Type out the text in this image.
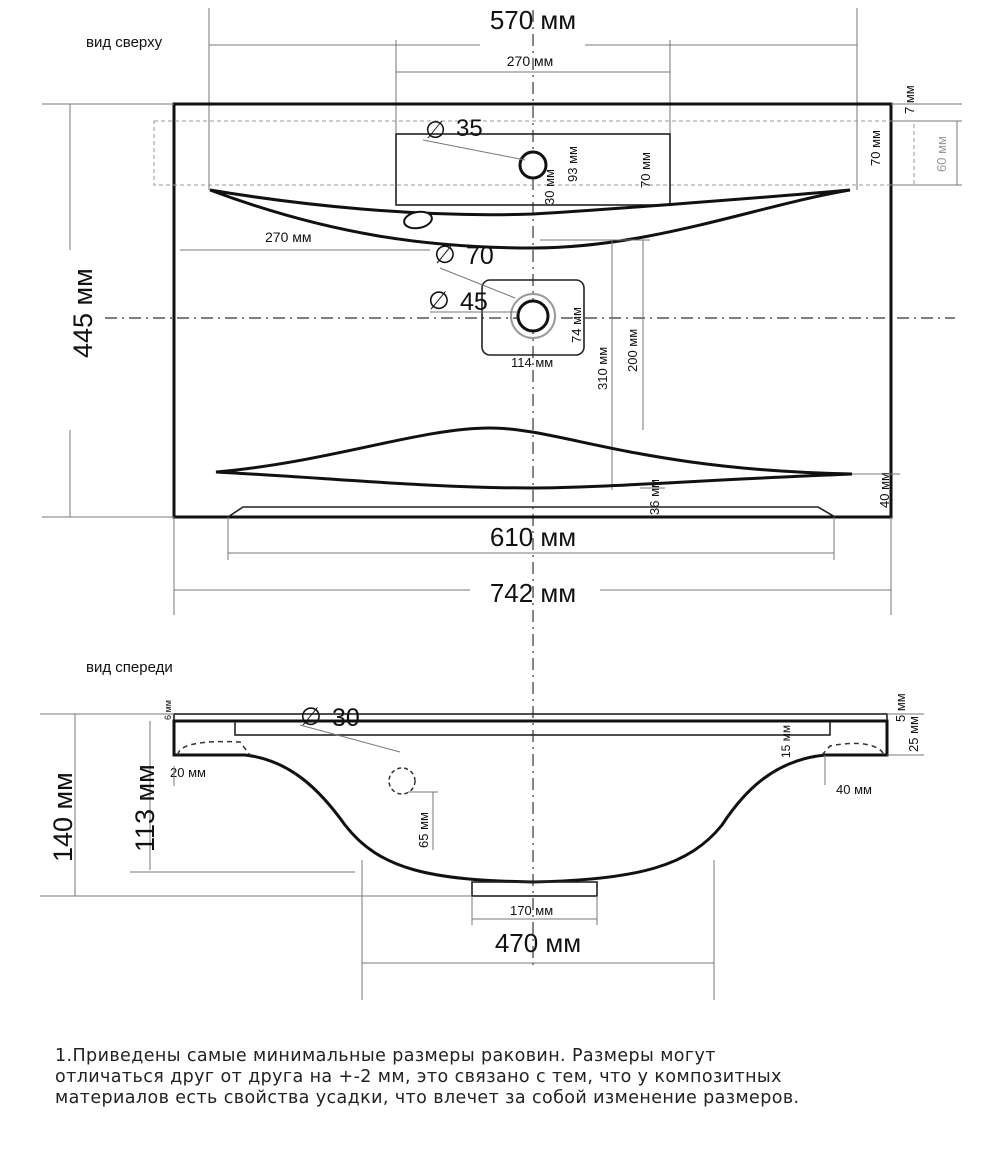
вид сверху
570 мм
270 мм
∅ 35
93 мм
30 мм	70 мм
70 мм	60 мм
7 мм
270 мм
445 мм
∅ 70
∅ 45
74 мм
114 мм	310 мм 200 мм
36 мм	40 мм
610 мм
742 мм
вид спереди
∅ 30
6 мм	5 мм
25 мм
15 мм
20 мм
40 мм
140 мм 113 мм	65 мм
170 мм
470 мм

1.Приведены самые минимальные размеры раковин. Размеры могут

отличаться друг от друга на +-2 мм, это связано с тем, что у композитных

материалов есть свойства усадки, что влечет за собой изменение размеров.
